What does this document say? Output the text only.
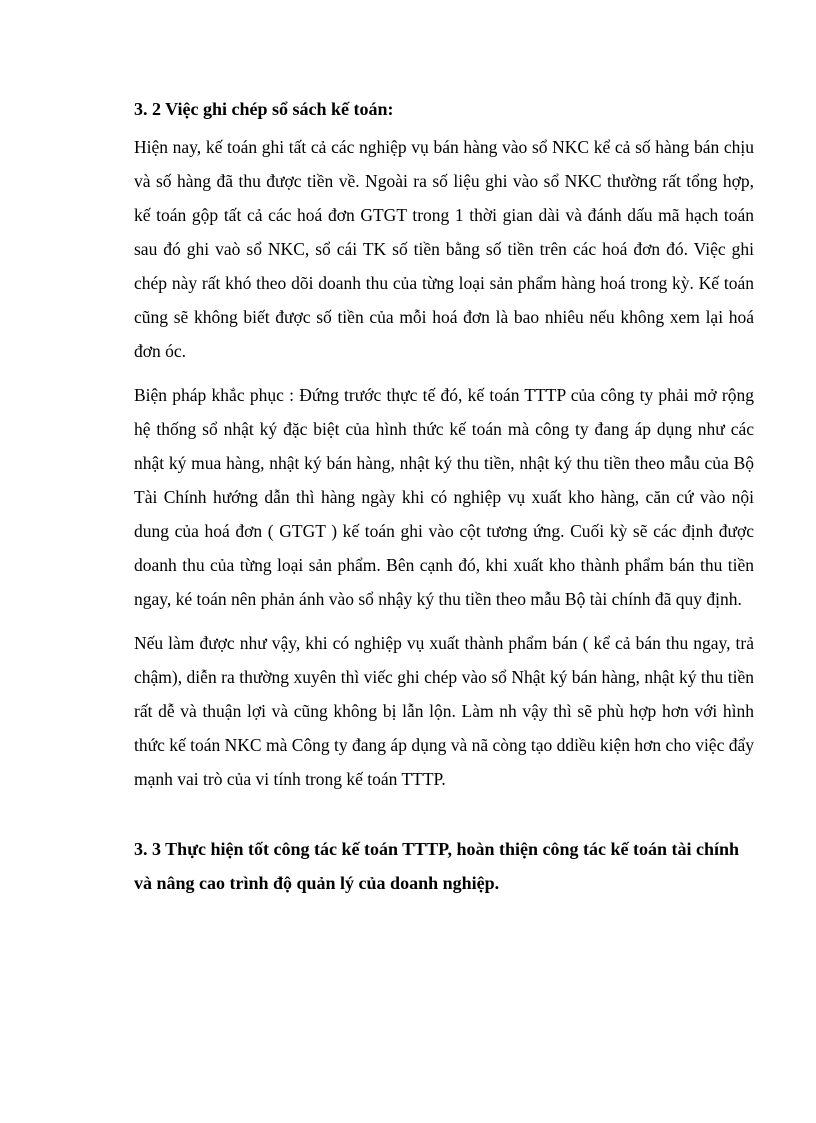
3. 2 Việc ghi chép sổ sách kế toán:

Hiện nay, kế toán ghi tất cả các nghiệp vụ bán hàng vào sổ NKC kể cả số hàng bán chịu và số hàng đã thu được tiền về. Ngoài ra số liệu ghi vào sổ NKC thường rất tổng hợp, kế toán gộp tất cả các hoá đơn GTGT trong 1 thời gian dài và đánh dấu mã hạch toán sau đó ghi vaò sổ NKC, sổ cái TK số tiền bằng số tiền trên các hoá đơn đó. Việc ghi chép này rất khó theo dõi doanh thu của từng loại sản phẩm hàng hoá trong kỳ. Kế toán cũng sẽ không biết được số tiền của mỗi hoá đơn là bao nhiêu nếu không xem lại hoá đơn óc.

Biện pháp khắc phục : Đứng trước thực tế đó, kế toán TTTP của công ty phải mở rộng hệ thống sổ nhật ký đặc biệt của hình thức kế toán mà công ty đang áp dụng như các nhật ký mua hàng, nhật ký bán hàng, nhật ký thu tiền, nhật ký thu tiền theo mẫu của Bộ Tài Chính hướng dẫn thì hàng ngày khi có nghiệp vụ xuất kho hàng, căn cứ vào nội dung của hoá đơn ( GTGT ) kế toán ghi vào cột tương ứng. Cuối kỳ sẽ các định được doanh thu của từng loại sản phẩm. Bên cạnh đó, khi xuất kho thành phẩm bán thu tiền ngay, ké toán nên phản ánh vào sổ nhậy ký thu tiền theo mẫu Bộ tài chính đã quy định.

Nếu làm được như vậy, khi có nghiệp vụ xuất thành phẩm bán ( kể cả bán thu ngay, trả chậm), diễn ra thường xuyên thì viếc ghi chép vào sổ Nhật ký bán hàng, nhật ký thu tiền rất dễ và thuận lợi và cũng không bị lẫn lộn. Làm nh vậy thì sẽ phù hợp hơn với hình thức kế toán NKC mà Công ty đang áp dụng và nã còng tạo ddiều kiện hơn cho việc đẩy mạnh vai trò của vi tính trong kế toán TTTP.

3. 3 Thực hiện tốt công tác kế toán TTTP, hoàn thiện công tác kế toán tài chính và nâng cao trình độ quản lý của doanh nghiệp.
